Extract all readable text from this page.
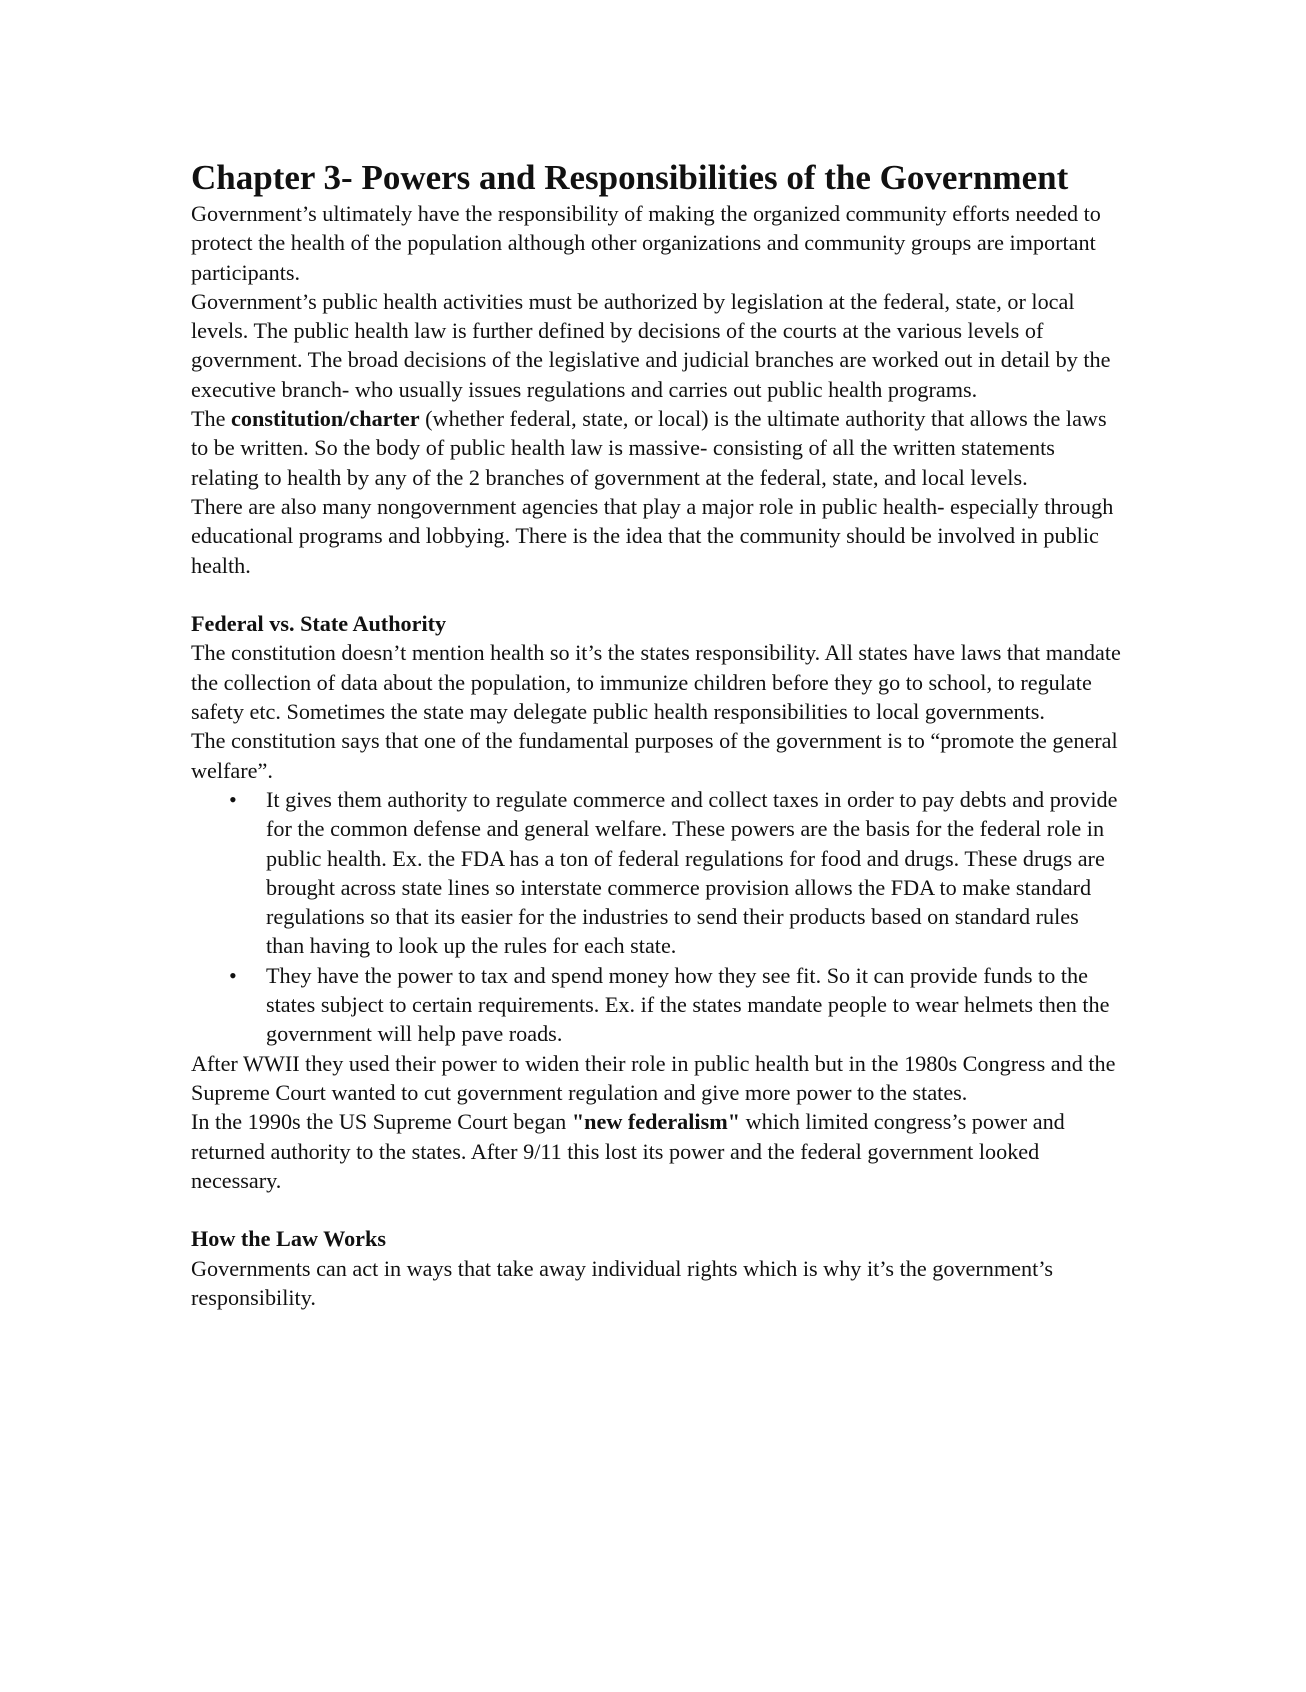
Chapter 3- Powers and Responsibilities of the Government

Government’s ultimately have the responsibility of making the organized community efforts needed to protect the health of the population although other organizations and community groups are important participants.

Government’s public health activities must be authorized by legislation at the federal, state, or local levels. The public health law is further defined by decisions of the courts at the various levels of government. The broad decisions of the legislative and judicial branches are worked out in detail by the executive branch- who usually issues regulations and carries out public health programs.

The constitution/charter (whether federal, state, or local) is the ultimate authority that allows the laws to be written. So the body of public health law is massive- consisting of all the written statements relating to health by any of the 2 branches of government at the federal, state, and local levels.

There are also many nongovernment agencies that play a major role in public health- especially through educational programs and lobbying. There is the idea that the community should be involved in public health.

Federal vs. State Authority

The constitution doesn’t mention health so it’s the states responsibility. All states have laws that mandate the collection of data about the population, to immunize children before they go to school, to regulate safety etc. Sometimes the state may delegate public health responsibilities to local governments.

The constitution says that one of the fundamental purposes of the government is to “promote the general welfare”.

• It gives them authority to regulate commerce and collect taxes in order to pay debts and provide for the common defense and general welfare. These powers are the basis for the federal role in public health. Ex. the FDA has a ton of federal regulations for food and drugs. These drugs are brought across state lines so interstate commerce provision allows the FDA to make standard regulations so that its easier for the industries to send their products based on standard rules than having to look up the rules for each state.
• They have the power to tax and spend money how they see fit. So it can provide funds to the states subject to certain requirements. Ex. if the states mandate people to wear helmets then the government will help pave roads.

After WWII they used their power to widen their role in public health but in the 1980s Congress and the Supreme Court wanted to cut government regulation and give more power to the states.

In the 1990s the US Supreme Court began "new federalism" which limited congress’s power and returned authority to the states. After 9/11 this lost its power and the federal government looked necessary.

How the Law Works

Governments can act in ways that take away individual rights which is why it’s the government’s responsibility.
